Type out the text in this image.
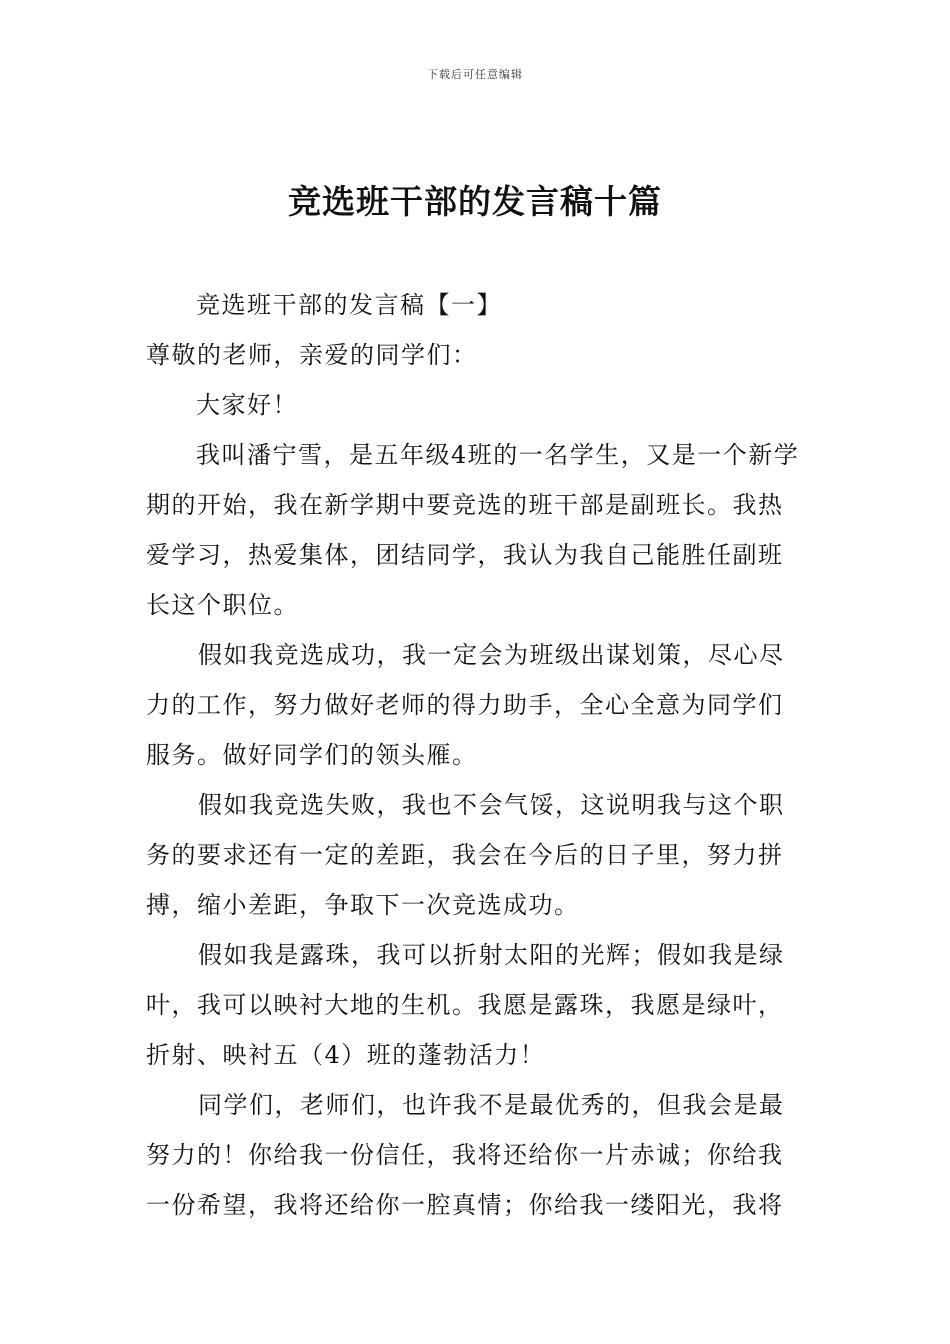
下载后可任意编辑
竞选班干部的发言稿十篇

竞选班干部的发言稿【一】

尊敬的老师，亲爱的同学们：

大家好！

我叫潘宁雪，是五年级4班的一名学生，又是一个新学期的开始，我在新学期中要竞选的班干部是副班长。我热爱学习，热爱集体，团结同学，我认为我自己能胜任副班长这个职位。

假如我竞选成功，我一定会为班级出谋划策，尽心尽力的工作，努力做好老师的得力助手，全心全意为同学们服务。做好同学们的领头雁。

假如我竞选失败，我也不会气馁，这说明我与这个职务的要求还有一定的差距，我会在今后的日子里，努力拼搏，缩小差距，争取下一次竞选成功。

假如我是露珠，我可以折射太阳的光辉；假如我是绿叶，我可以映衬大地的生机。我愿是露珠，我愿是绿叶，折射、映衬五（4）班的蓬勃活力！

同学们，老师们，也许我不是最优秀的，但我会是最努力的！你给我一份信任，我将还给你一片赤诚；你给我一份希望，我将还给你一腔真情；你给我一缕阳光，我将
